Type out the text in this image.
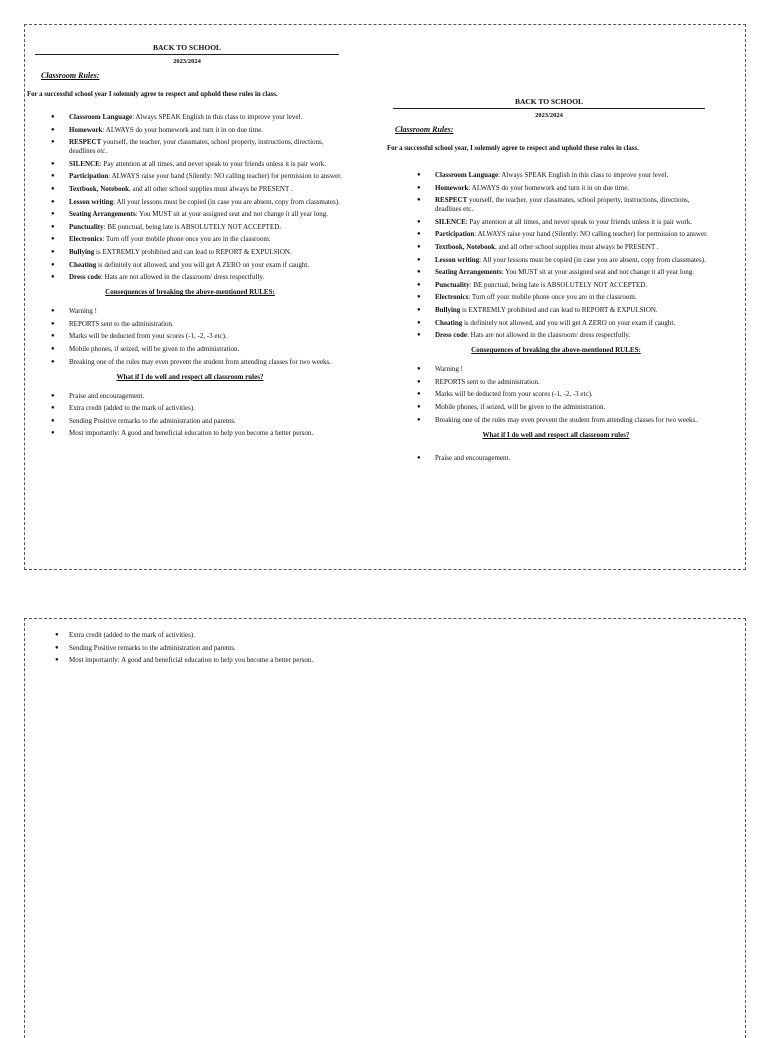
BACK TO SCHOOL
2023/2024
Classroom Rules:
For a successful school year I solemnly agree to respect and uphold these rules in class.
● Classroom Language: Always SPEAK English in this class to improve your level.
● Homework: ALWAYS do your homework and turn it in on due time.
● RESPECT yourself, the teacher, your classmates, school property, instructions, directions, deadlines etc.
● SILENCE: Pay attention at all times, and never speak to your friends unless it is pair work.
● Participation: ALWAYS raise your hand (Silently: NO calling teacher) for permission to answer.
● Textbook, Notebook, and all other school supplies must always be PRESENT .
● Lesson writing: All your lessons must be copied (in case you are absent, copy from classmates).
● Seating Arrangements: You MUST sit at your assigned seat and not change it all year long.
● Punctuality: BE punctual, being late is ABSOLUTELY NOT ACCEPTED.
● Electronics: Turn off your mobile phone once you are in the classroom.
● Bullying is EXTREMLY prohibited and can lead to REPORT & EXPULSION.
● Cheating is definitely not allowed, and you will get A ZERO on your exam if caught.
● Dress code: Hats are not allowed in the classroom/ dress respectfully.
Consequences of breaking the above-mentioned RULES:
● Warning !
● REPORTS sent to the administration.
● Marks will be deducted from your scores (-1, -2, -3 etc).
● Mobile phones, if seized, will be given to the administration.
● Breaking one of the rules may even prevent the student from attending classes for two weeks.
What if I do well and respect all classroom rules?
● Praise and encouragement.
● Extra credit (added to the mark of activities).
● Sending Positive remarks to the administration and parents.
● Most importantly: A good and beneficial education to help you become a better person.
BACK TO SCHOOL
2023/2024
Classroom Rules:
For a successful school year, I solemnly agree to respect and uphold these rules in class.
● Classroom Language: Always SPEAK English in this class to improve your level.
● Homework: ALWAYS do your homework and turn it in on due time.
● RESPECT yourself, the teacher, your classmates, school property, instructions, directions, deadlines etc.
● SILENCE: Pay attention at all times, and never speak to your friends unless it is pair work.
● Participation: ALWAYS raise your hand (Silently: NO calling teacher) for permission to answer.
● Textbook, Notebook, and all other school supplies must always be PRESENT .
● Lesson writing: All your lessons must be copied (in case you are absent, copy from classmates).
● Seating Arrangements: You MUST sit at your assigned seat and not change it all year long.
● Punctuality: BE punctual, being late is ABSOLUTELY NOT ACCEPTED.
● Electronics: Turn off your mobile phone once you are in the classroom.
● Bullying is EXTREMLY prohibited and can lead to REPORT & EXPULSION.
● Cheating is definitely not allowed, and you will get A ZERO on your exam if caught.
● Dress code: Hats are not allowed in the classroom/ dress respectfully.
Consequences of breaking the above-mentioned RULES:
● Warning !
● REPORTS sent to the administration.
● Marks will be deducted from your scores (-1, -2, -3 etc).
● Mobile phones, if seized, will be given to the administration.
● Breaking one of the rules may even prevent the student from attending classes for two weeks.
What if I do well and respect all classroom rules?
● Praise and encouragement.
● Extra credit (added to the mark of activities).
● Sending Positive remarks to the administration and parents.
● Most importantly: A good and beneficial education to help you become a better person.
